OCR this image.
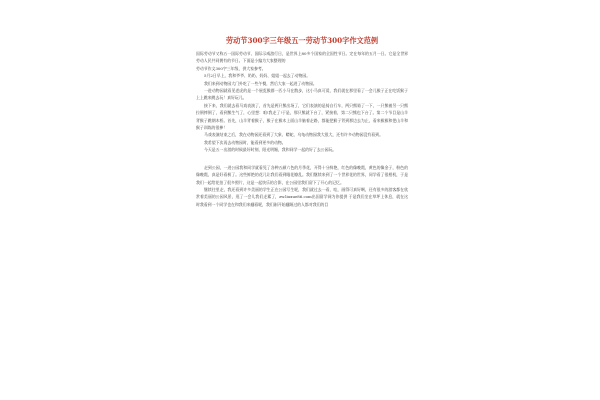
劳动节300字三年级五一劳动节300字作文范例

国际劳动节又称五一国际劳动节、国际示威游行日，是世界上80多个国家的全国性节日。定在每年的五月一日。它是全世界劳动人民共同拥有的节日。下面是小编为大家整理的

劳动节作文300字三年级，供大家参考。

5月2日早上，我和爷爷、奶奶、妈妈、姐姐一起去了动物园。

我们来到动物园大门外吃了一些午餐，然后大家一起进了动物园。

一进动物园就看见老虎的是一个展览猴群一匹小马在散步，这小马真可爱，我们就在那里看了一会儿猴子正在吃饭猴子上上跳来跳去玩！真好玩儿。

接下来，我们就去看马戏表演了，首先是两只熊出场了，它们表演的是骑自行车，两只熊骑了一下，一只熊被另一只熊拉倒摔倒了，看到熊生气了，心里想：咱!我走了!于是，那只熊就下台了，紧接着，第二只熊也下台了。第二个节目是山羊背猴子跳钢木桥。首先，山羊背着猴子，猴子在猴木上面山羊脑着走路，都能把猴子背到那边去为止，看来猴猴和把山羊和猴子训练的很棒！

马戏表演结束之后，我在动物园还看到了大象、蟒蛇、乌龟动物园我大很大，还有许多动物园没有看到。

我希望下次再去动物园时，能看到更多的动物。

今天是五一出游的时候最好时刻，阳光明媚，我和同学一起约好了去公园玩。

走到公园，一进公园我和同学就看见了各种五颜六色的月季花，开得十分鲜艳，红色的像晚霞，黄色的像金子，粉色的像晚霞，真是好看极了。这些鲜艳的花儿让我们看到眼花缭乱。我们继续来到了一个世界花的世界，同学看了很相机，于是我们一起给花拍了很多照片，这是一起快乐的合影，在公园里我们留下了开心的记忆。

继续往里走，我还看到许多美丽的学生正在公园写生呢，我们就过去一看，哇，画得可真好啊，还有很多的游客都在欣赏着美丽的公园风景，逛了一会儿我们走累了，zw.liuxue86.com出国留学网为你提供 于是我们坐在草坪上休息，就在这时我看到一个同学也在和我们来翻看呢，我们刚开始翻踢过的人都对我们的目
